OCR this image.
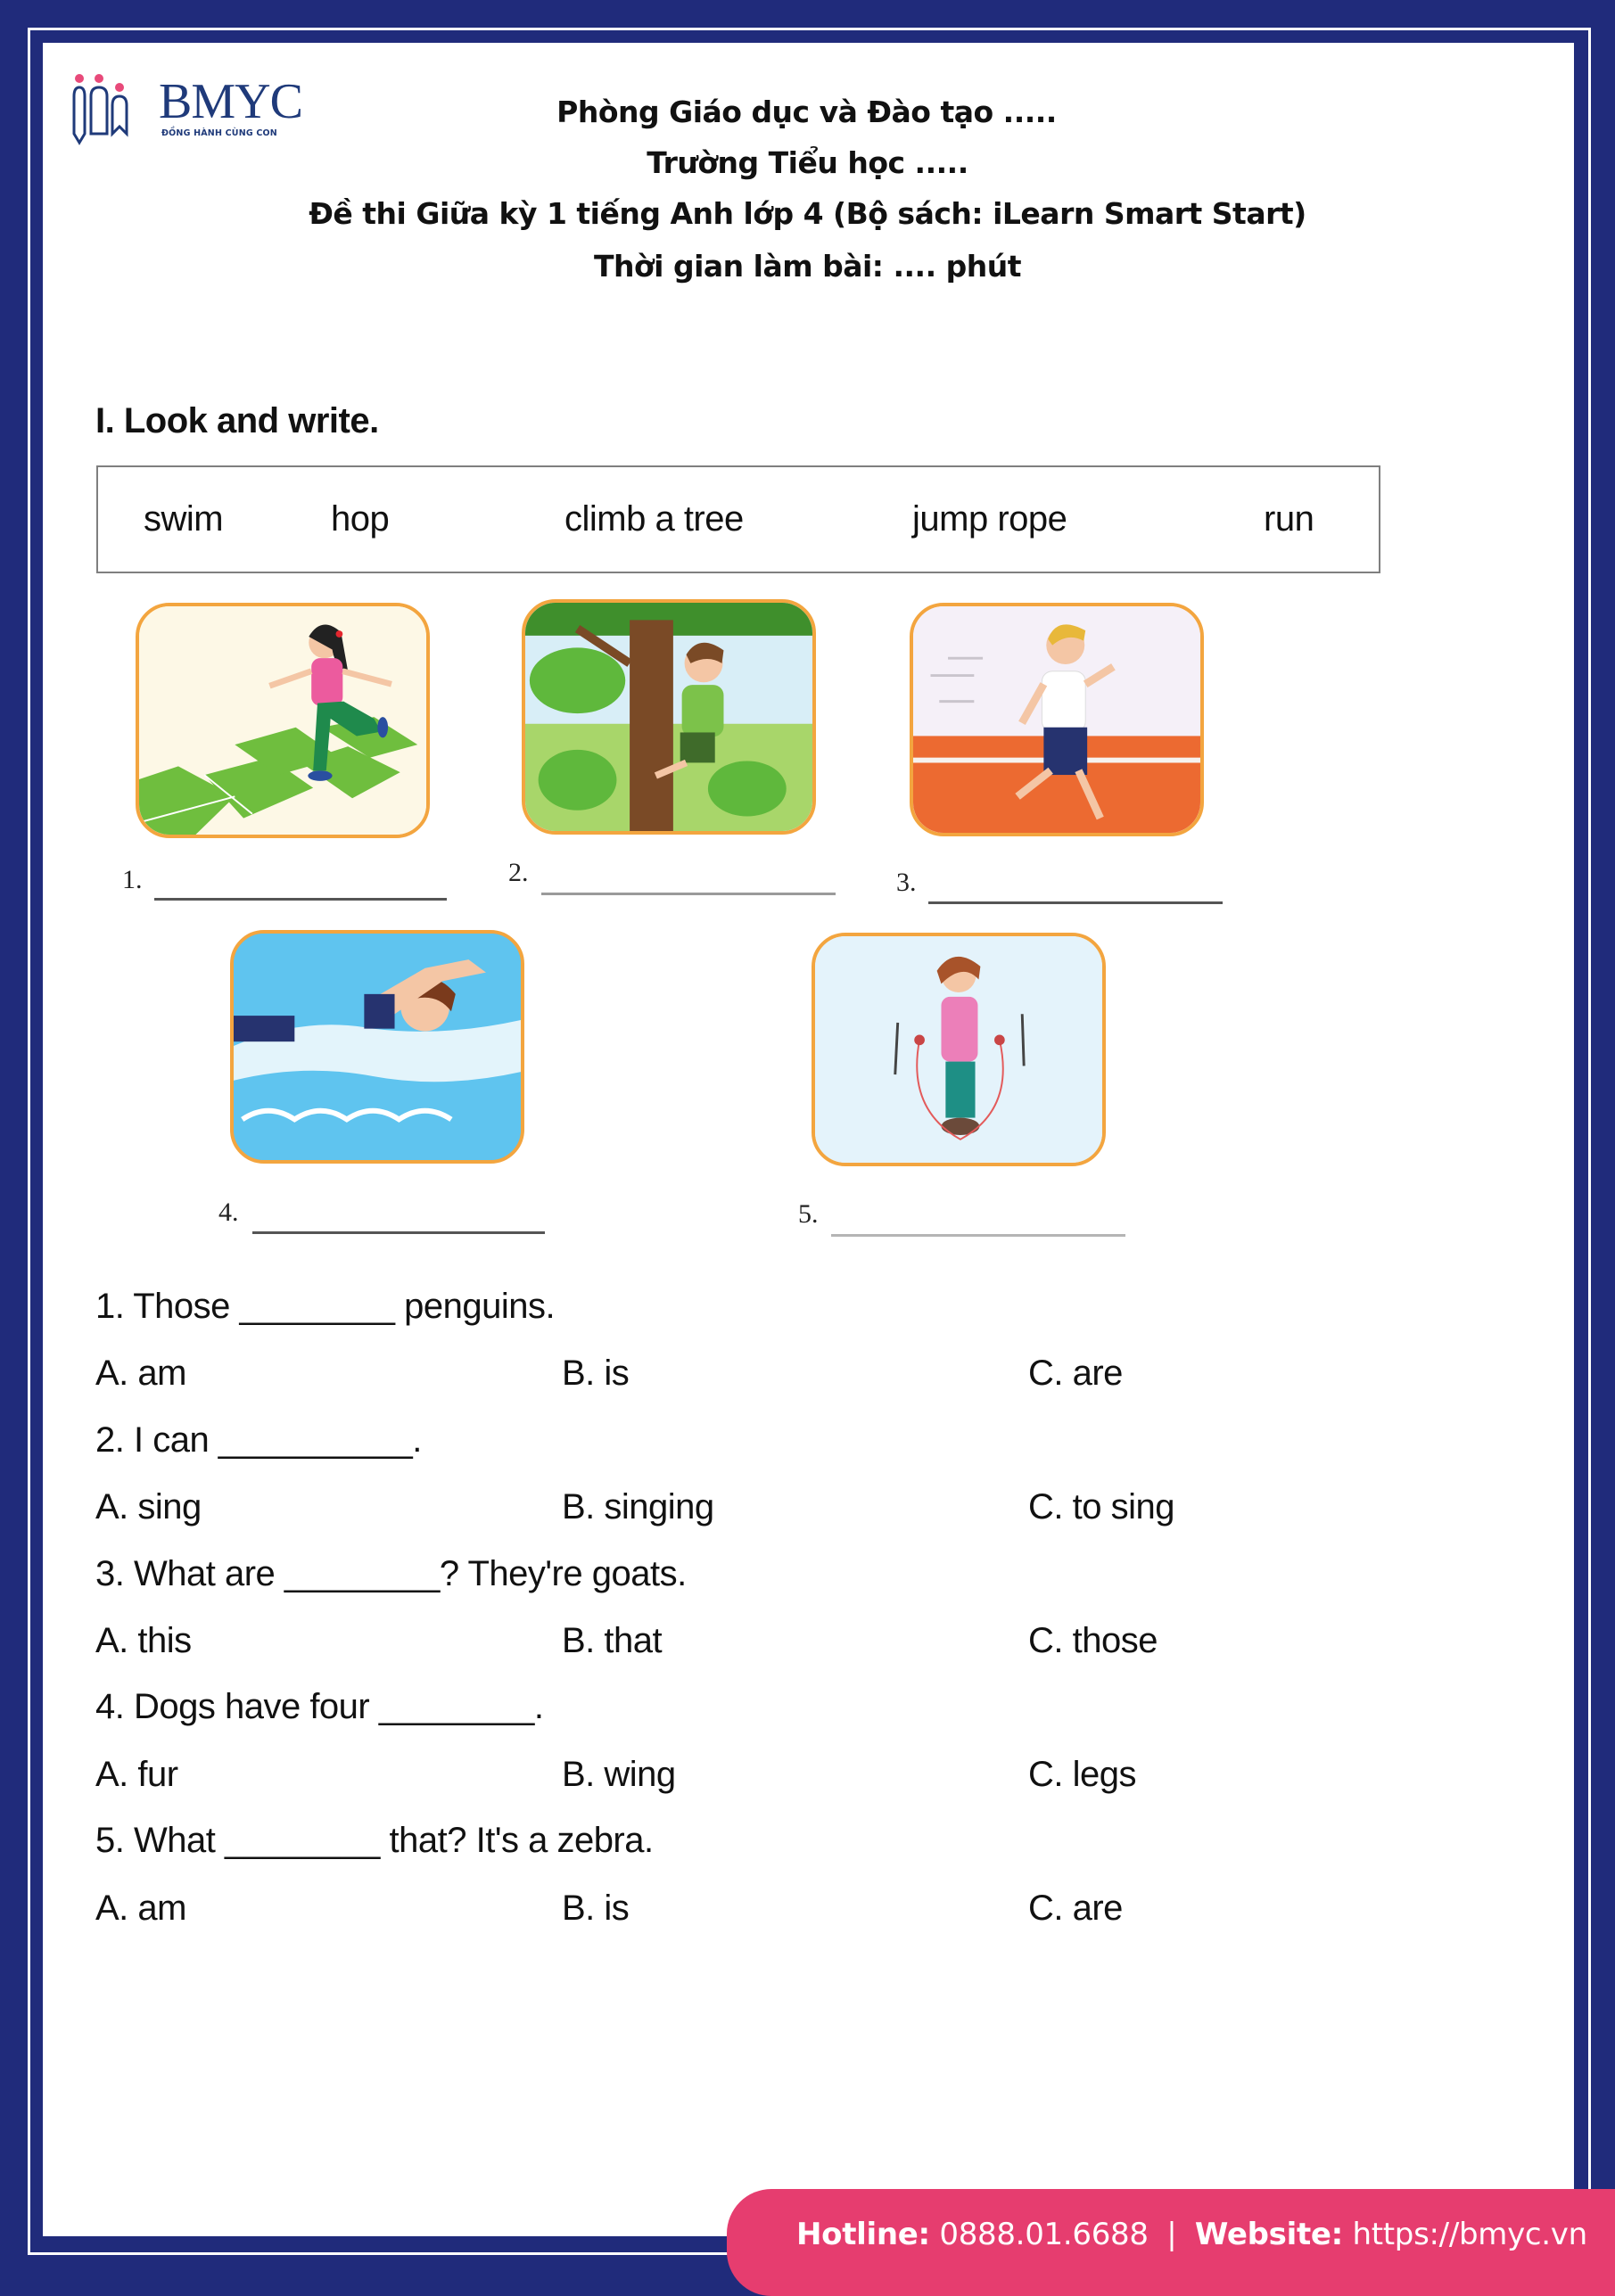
BMYC
ĐỒNG HÀNH CÙNG CON
Phòng Giáo dục và Đào tạo .....
Trường Tiểu học .....
Đề thi Giữa kỳ 1 tiếng Anh lớp 4 (Bộ sách: iLearn Smart Start)
Thời gian làm bài: .... phút
I. Look and write.
swim	hop	climb a tree	jump rope	run
1.	2.	3.
4.	5.
1. Those ________ penguins.
A. am	B. is	C. are
2. I can __________.
A. sing	B. singing	C. to sing
3. What are ________? They're goats.
A. this	B. that	C. those
4. Dogs have four ________.
A. fur	B. wing	C. legs
5. What ________ that? It's a zebra.
A. am	B. is	C. are
Hotline: 0888.01.6688 | Website: https://bmyc.vn
